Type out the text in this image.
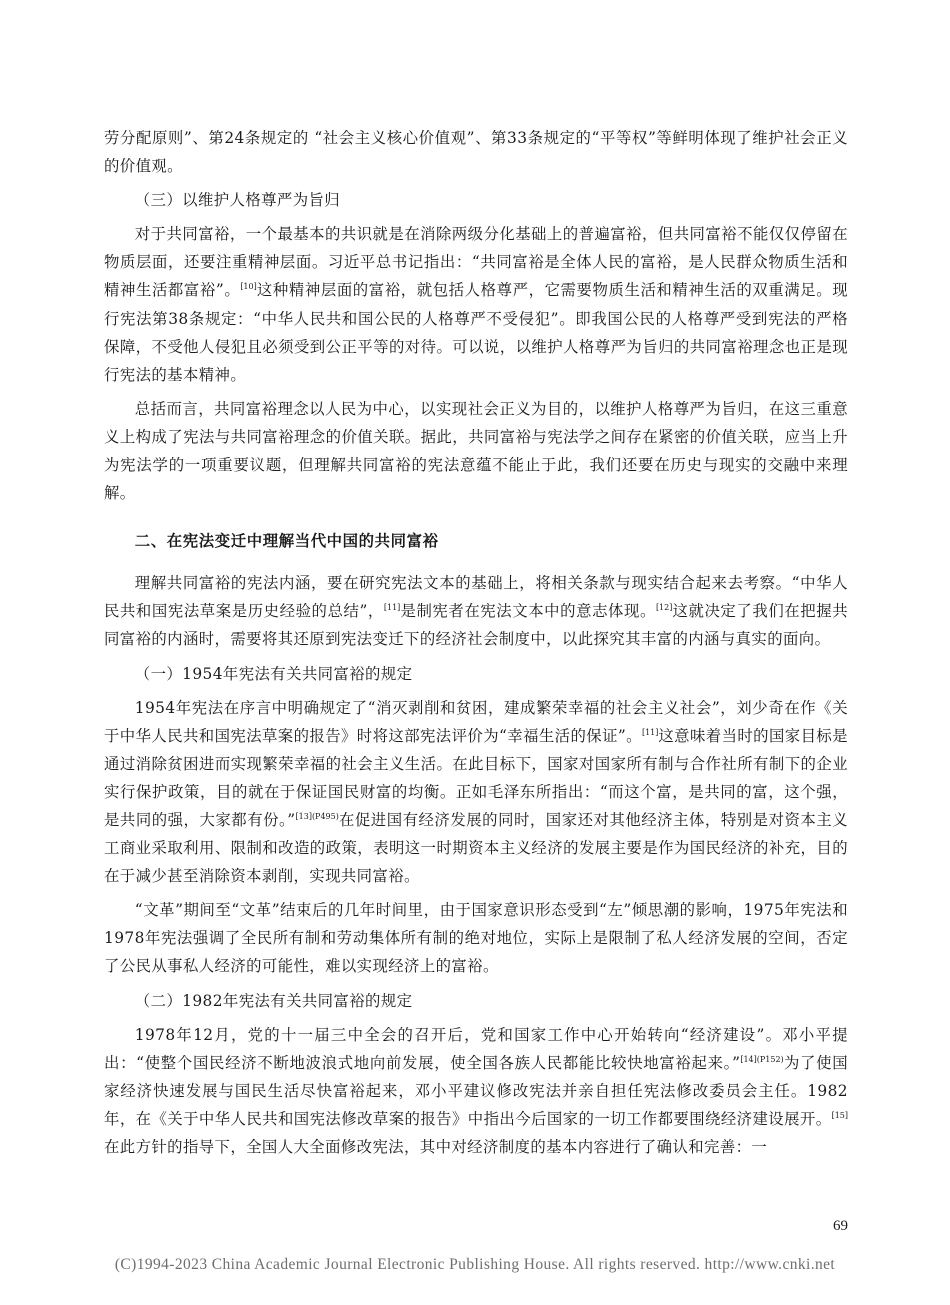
劳分配原则”、第24条规定的 “社会主义核心价值观”、第33条规定的“平等权”等鲜明体现了维护社会正义的价值观。

（三）以维护人格尊严为旨归

对于共同富裕，一个最基本的共识就是在消除两级分化基础上的普遍富裕，但共同富裕不能仅仅停留在物质层面，还要注重精神层面。习近平总书记指出：“共同富裕是全体人民的富裕，是人民群众物质生活和精神生活都富裕”。[10]这种精神层面的富裕，就包括人格尊严，它需要物质生活和精神生活的双重满足。现行宪法第38条规定：“中华人民共和国公民的人格尊严不受侵犯”。即我国公民的人格尊严受到宪法的严格保障，不受他人侵犯且必须受到公正平等的对待。可以说，以维护人格尊严为旨归的共同富裕理念也正是现行宪法的基本精神。

总括而言，共同富裕理念以人民为中心，以实现社会正义为目的，以维护人格尊严为旨归，在这三重意义上构成了宪法与共同富裕理念的价值关联。据此，共同富裕与宪法学之间存在紧密的价值关联，应当上升为宪法学的一项重要议题，但理解共同富裕的宪法意蕴不能止于此，我们还要在历史与现实的交融中来理解。

二、在宪法变迁中理解当代中国的共同富裕

理解共同富裕的宪法内涵，要在研究宪法文本的基础上，将相关条款与现实结合起来去考察。“中华人民共和国宪法草案是历史经验的总结”，[11]是制宪者在宪法文本中的意志体现。[12]这就决定了我们在把握共同富裕的内涵时，需要将其还原到宪法变迁下的经济社会制度中，以此探究其丰富的内涵与真实的面向。

（一）1954年宪法有关共同富裕的规定

1954年宪法在序言中明确规定了“消灭剥削和贫困，建成繁荣幸福的社会主义社会”，刘少奇在作《关于中华人民共和国宪法草案的报告》时将这部宪法评价为“幸福生活的保证”。[11]这意味着当时的国家目标是通过消除贫困进而实现繁荣幸福的社会主义生活。在此目标下，国家对国家所有制与合作社所有制下的企业实行保护政策，目的就在于保证国民财富的均衡。正如毛泽东所指出：“而这个富，是共同的富，这个强，是共同的强，大家都有份。”$^{[13](P495)}$在促进国有经济发展的同时，国家还对其他经济主体，特别是对资本主义工商业采取利用、限制和改造的政策，表明这一时期资本主义经济的发展主要是作为国民经济的补充，目的在于减少甚至消除资本剥削，实现共同富裕。

“文革”期间至“文革”结束后的几年时间里，由于国家意识形态受到“左”倾思潮的影响，1975年宪法和1978年宪法强调了全民所有制和劳动集体所有制的绝对地位，实际上是限制了私人经济发展的空间，否定了公民从事私人经济的可能性，难以实现经济上的富裕。

（二）1982年宪法有关共同富裕的规定

1978年12月，党的十一届三中全会的召开后，党和国家工作中心开始转向“经济建设”。邓小平提出：“使整个国民经济不断地波浪式地向前发展，使全国各族人民都能比较快地富裕起来。”$^{[14](P152)}$为了使国家经济快速发展与国民生活尽快富裕起来，邓小平建议修改宪法并亲自担任宪法修改委员会主任。1982年，在《关于中华人民共和国宪法修改草案的报告》中指出今后国家的一切工作都要围绕经济建设展开。[15]在此方针的指导下，全国人大全面修改宪法，其中对经济制度的基本内容进行了确认和完善：一

69
(C)1994-2023 China Academic Journal Electronic Publishing House. All rights reserved. http://www.cnki.net
